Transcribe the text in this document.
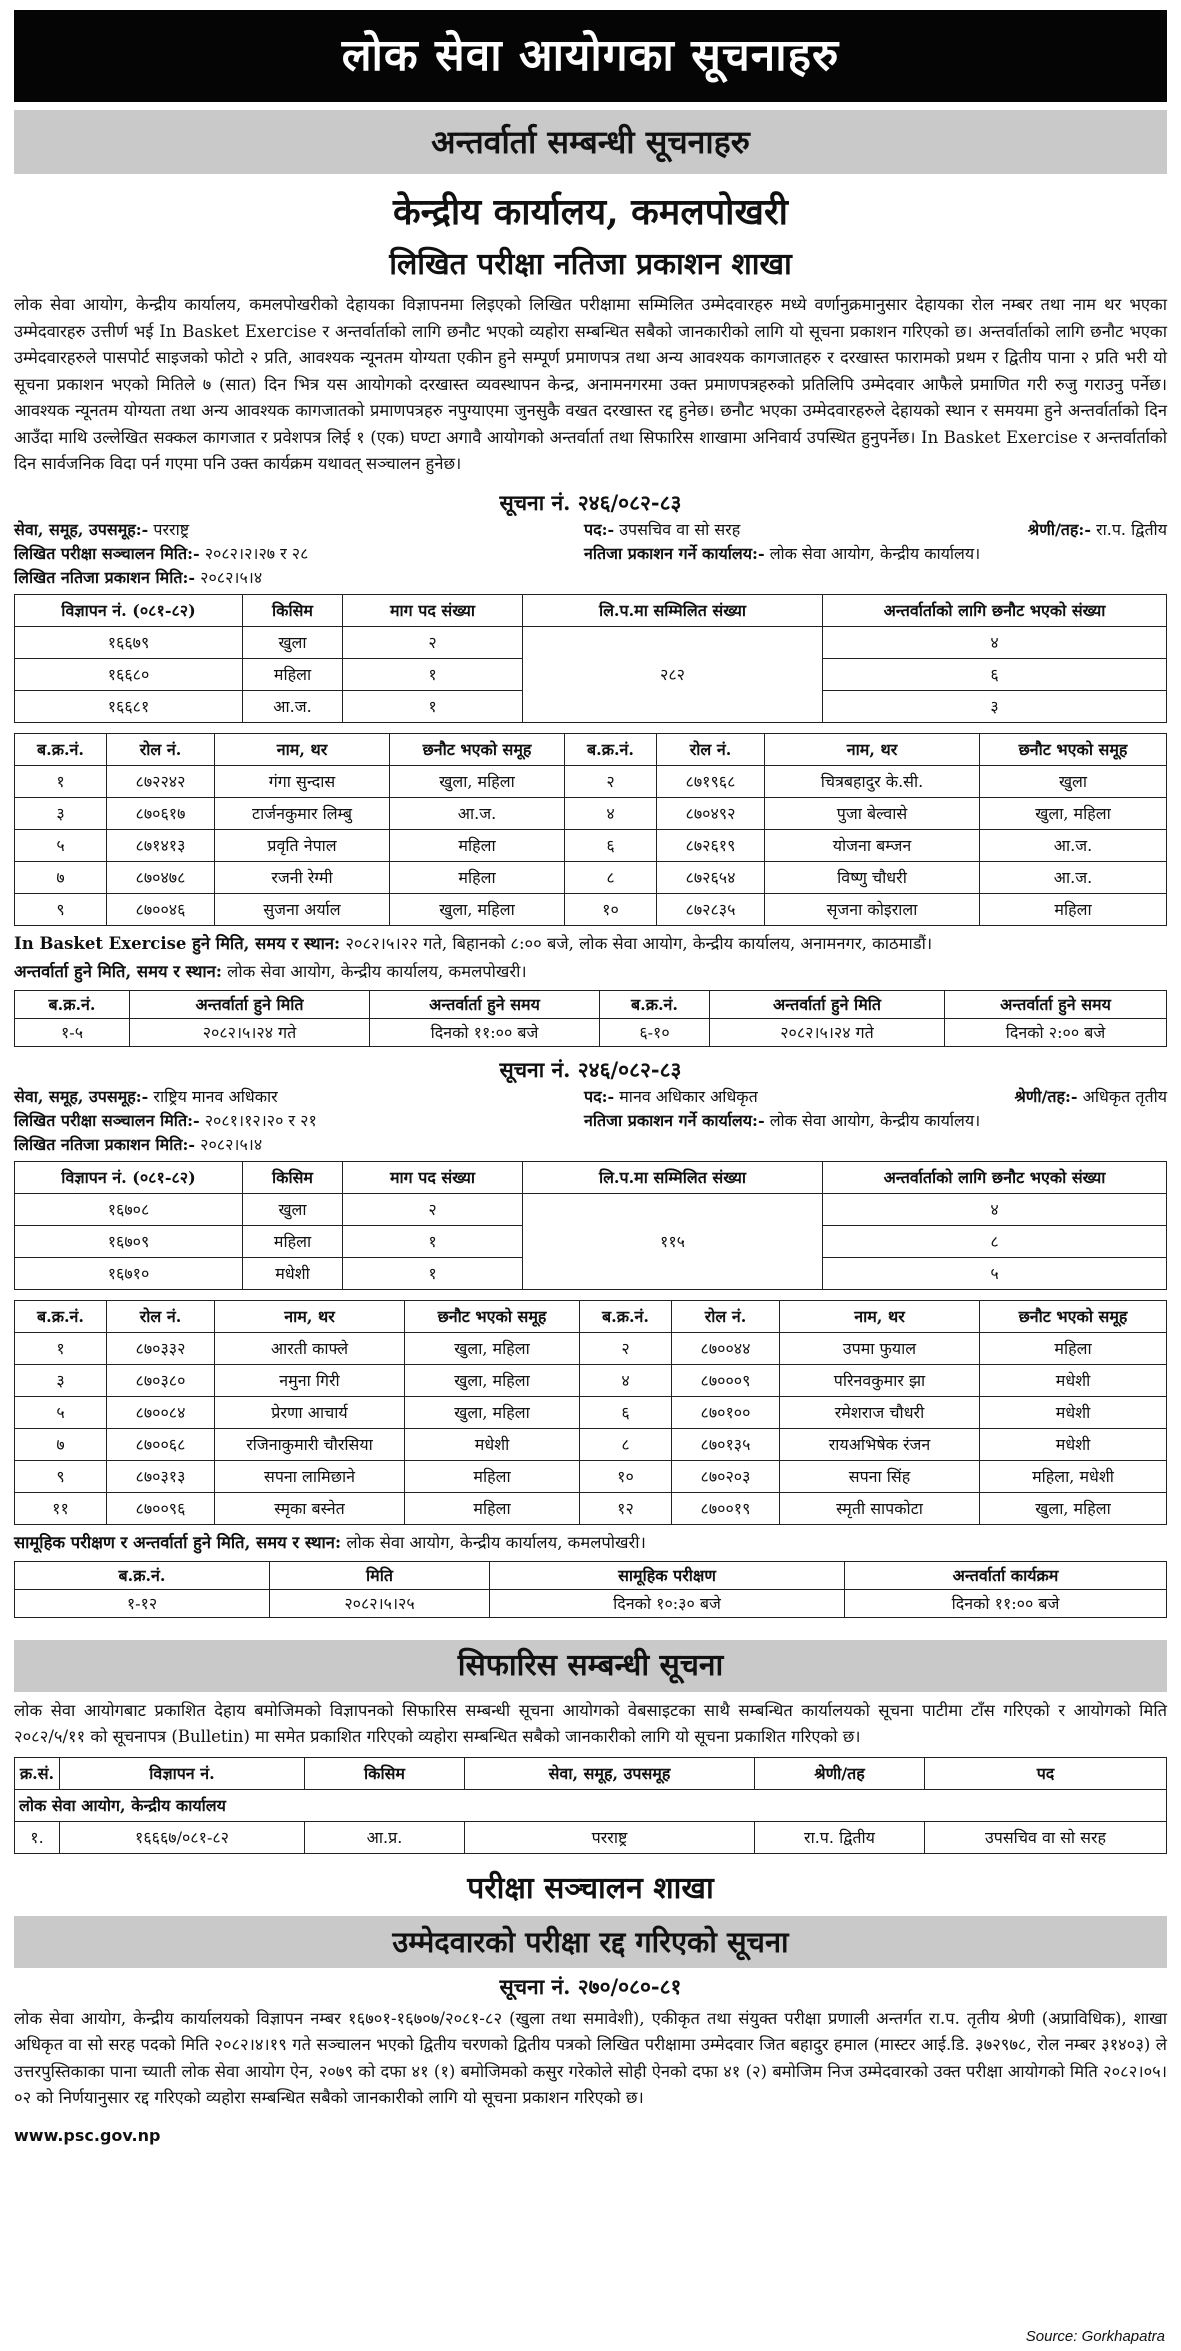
लोक सेवा आयोगका सूचनाहरु
अन्तर्वार्ता सम्बन्धी सूचनाहरु
केन्द्रीय कार्यालय, कमलपोखरी
लिखित परीक्षा नतिजा प्रकाशन शाखा

लोक सेवा आयोग, केन्द्रीय कार्यालय, कमलपोखरीको देहायका विज्ञापनमा लिइएको लिखित परीक्षामा सम्मिलित उम्मेदवारहरु मध्ये वर्णानुक्रमानुसार देहायका रोल नम्बर तथा नाम थर भएका उम्मेदवारहरु उत्तीर्ण भई In Basket Exercise र अन्तर्वार्ताको लागि छनौट भएको व्यहोरा सम्बन्धित सबैको जानकारीको लागि यो सूचना प्रकाशन गरिएको छ। अन्तर्वार्ताको लागि छनौट भएका उम्मेदवारहरुले पासपोर्ट साइजको फोटो २ प्रति, आवश्यक न्यूनतम योग्यता एकीन हुने सम्पूर्ण प्रमाणपत्र तथा अन्य आवश्यक कागजातहरु र दरखास्त फारामको प्रथम र द्वितीय पाना २ प्रति भरी यो सूचना प्रकाशन भएको मितिले ७ (सात) दिन भित्र यस आयोगको दरखास्त व्यवस्थापन केन्द्र, अनामनगरमा उक्त प्रमाणपत्रहरुको प्रतिलिपि उम्मेदवार आफैले प्रमाणित गरी रुजु गराउनु पर्नेछ। आवश्यक न्यूनतम योग्यता तथा अन्य आवश्यक कागजातको प्रमाणपत्रहरु नपुग्याएमा जुनसुकै वखत दरखास्त रद्द हुनेछ। छनौट भएका उम्मेदवारहरुले देहायको स्थान र समयमा हुने अन्तर्वार्ताको दिन आउँदा माथि उल्लेखित सक्कल कागजात र प्रवेशपत्र लिई १ (एक) घण्टा अगावै आयोगको अन्तर्वार्ता तथा सिफारिस शाखामा अनिवार्य उपस्थित हुनुपर्नेछ। In Basket Exercise र अन्तर्वार्ताको दिन सार्वजनिक विदा पर्न गएमा पनि उक्त कार्यक्रम यथावत् सञ्चालन हुनेछ।

सूचना नं. २४६/०८२-८३
सेवा, समूह, उपसमूह:- परराष्ट्र	पद:- उपसचिव वा सो सरह	श्रेणी/तह:- रा.प. द्वितीय
लिखित परीक्षा सञ्चालन मिति:- २०८२।२।२७ र २८	नतिजा प्रकाशन गर्ने कार्यालय:- लोक सेवा आयोग, केन्द्रीय कार्यालय।
लिखित नतिजा प्रकाशन मिति:- २०८२।५।४
विज्ञापन नं. (०८१-८२)	किसिम	माग पद संख्या	लि.प.मा सम्मिलित संख्या	अन्तर्वार्ताको लागि छनौट भएको संख्या
१६६७९	खुला	२	२८२	४
१६६८०	महिला	१		६
१६६८१	आ.ज.	१		३
ब.क्र.नं.	रोल नं.	नाम, थर	छनौट भएको समूह	ब.क्र.नं.	रोल नं.	नाम, थर	छनौट भएको समूह
१	८७२२४२	गंगा सुन्दास	खुला, महिला	२	८७१९६८	चित्रबहादुर के.सी.	खुला
३	८७०६१७	टार्जनकुमार लिम्बु	आ.ज.	४	८७०४९२	पुजा बेल्वासे	खुला, महिला
५	८७१४१३	प्रवृति नेपाल	महिला	६	८७२६१९	योजना बम्जन	आ.ज.
७	८७०४७८	रजनी रेग्मी	महिला	८	८७२६५४	विष्णु चौधरी	आ.ज.
९	८७००४६	सुजना अर्याल	खुला, महिला	१०	८७२८३५	सृजना कोइराला	महिला
In Basket Exercise हुने मिति, समय र स्थान: २०८२।५।२२ गते, बिहानको ८:०० बजे, लोक सेवा आयोग, केन्द्रीय कार्यालय, अनामनगर, काठमाडौं।
अन्तर्वार्ता हुने मिति, समय र स्थान: लोक सेवा आयोग, केन्द्रीय कार्यालय, कमलपोखरी।
ब.क्र.नं.	अन्तर्वार्ता हुने मिति	अन्तर्वार्ता हुने समय	ब.क्र.नं.	अन्तर्वार्ता हुने मिति	अन्तर्वार्ता हुने समय
१-५	२०८२।५।२४ गते	दिनको ११:०० बजे	६-१०	२०८२।५।२४ गते	दिनको २:०० बजे
सूचना नं. २४६/०८२-८३
सेवा, समूह, उपसमूह:- राष्ट्रिय मानव अधिकार	पद:- मानव अधिकार अधिकृत	श्रेणी/तह:- अधिकृत तृतीय
लिखित परीक्षा सञ्चालन मिति:- २०८१।१२।२० र २१	नतिजा प्रकाशन गर्ने कार्यालय:- लोक सेवा आयोग, केन्द्रीय कार्यालय।
लिखित नतिजा प्रकाशन मिति:- २०८२।५।४
विज्ञापन नं. (०८१-८२)	किसिम	माग पद संख्या	लि.प.मा सम्मिलित संख्या	अन्तर्वार्ताको लागि छनौट भएको संख्या
१६७०८	खुला	२	११५	४
१६७०९	महिला	१		८
१६७१०	मधेशी	१		५
ब.क्र.नं.	रोल नं.	नाम, थर	छनौट भएको समूह	ब.क्र.नं.	रोल नं.	नाम, थर	छनौट भएको समूह
१	८७०३३२	आरती काफ्ले	खुला, महिला	२	८७००४४	उपमा फुयाल	महिला
३	८७०३८०	नमुना गिरी	खुला, महिला	४	८७०००९	परिनवकुमार झा	मधेशी
५	८७००८४	प्रेरणा आचार्य	खुला, महिला	६	८७०१००	रमेशराज चौधरी	मधेशी
७	८७००६८	रजिनाकुमारी चौरसिया	मधेशी	८	८७०१३५	रायअभिषेक रंजन	मधेशी
९	८७०३१३	सपना लामिछाने	महिला	१०	८७०२०३	सपना सिंह	महिला, मधेशी
११	८७००९६	स्मृका बस्नेत	महिला	१२	८७००१९	स्मृती सापकोटा	खुला, महिला
सामूहिक परीक्षण र अन्तर्वार्ता हुने मिति, समय र स्थान: लोक सेवा आयोग, केन्द्रीय कार्यालय, कमलपोखरी।
ब.क्र.नं.	मिति	सामूहिक परीक्षण	अन्तर्वार्ता कार्यक्रम
१-१२	२०८२।५।२५	दिनको १०:३० बजे	दिनको ११:०० बजे
सिफारिस सम्बन्धी सूचना

लोक सेवा आयोगबाट प्रकाशित देहाय बमोजिमको विज्ञापनको सिफारिस सम्बन्धी सूचना आयोगको वेबसाइटका साथै सम्बन्धित कार्यालयको सूचना पाटीमा टाँस गरिएको र आयोगको मिति २०८२/५/११ को सूचनापत्र (Bulletin) मा समेत प्रकाशित गरिएको व्यहोरा सम्बन्धित सबैको जानकारीको लागि यो सूचना प्रकाशित गरिएको छ।

क्र.सं.	विज्ञापन नं.	किसिम	सेवा, समूह, उपसमूह	श्रेणी/तह	पद
लोक सेवा आयोग, केन्द्रीय कार्यालय					
१.	१६६६७/०८१-८२	आ.प्र.	परराष्ट्र	रा.प. द्वितीय	उपसचिव वा सो सरह
परीक्षा सञ्चालन शाखा
उम्मेदवारको परीक्षा रद्द गरिएको सूचना
सूचना नं. २७०/०८०-८१

लोक सेवा आयोग, केन्द्रीय कार्यालयको विज्ञापन नम्बर १६७०१-१६७०७/२०८१-८२ (खुला तथा समावेशी), एकीकृत तथा संयुक्त परीक्षा प्रणाली अन्तर्गत रा.प. तृतीय श्रेणी (अप्राविधिक), शाखा अधिकृत वा सो सरह पदको मिति २०८२।४।१९ गते सञ्चालन भएको द्वितीय चरणको द्वितीय पत्रको लिखित परीक्षामा उम्मेदवार जित बहादुर हमाल (मास्टर आई.डि. ३७२९७८, रोल नम्बर ३१४०३) ले उत्तरपुस्तिकाका पाना च्याती लोक सेवा आयोग ऐन, २०७९ को दफा ४१ (१) बमोजिमको कसुर गरेकोले सोही ऐनको दफा ४१ (२) बमोजिम निज उम्मेदवारको उक्त परीक्षा आयोगको मिति २०८२।०५।०२ को निर्णयानुसार रद्द गरिएको व्यहोरा सम्बन्धित सबैको जानकारीको लागि यो सूचना प्रकाशन गरिएको छ।

www.psc.gov.np
Source: Gorkhapatra
